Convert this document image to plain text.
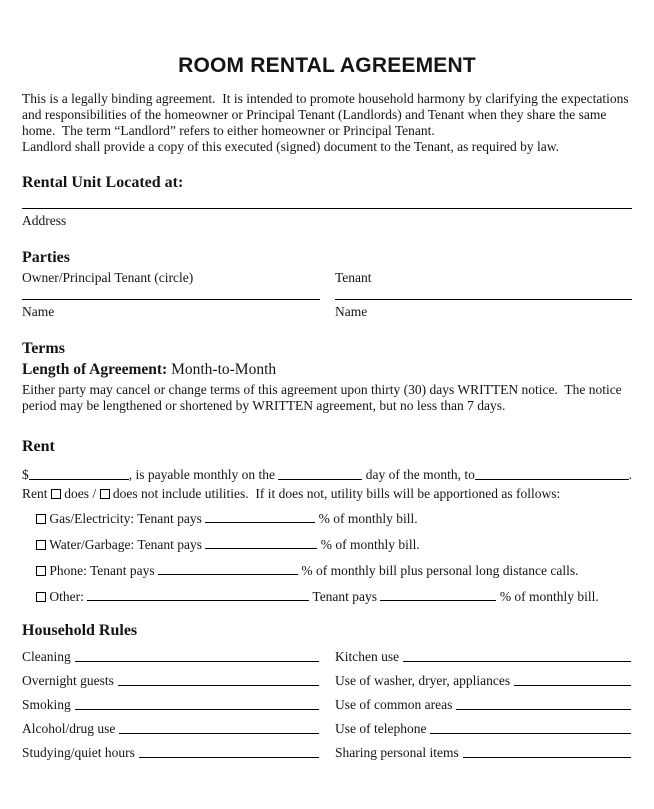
ROOM RENTAL AGREEMENT
This is a legally binding agreement.  It is intended to promote household harmony by clarifying the expectations and responsibilities of the homeowner or Principal Tenant (Landlords) and Tenant when they share the same home.  The term “Landlord” refers to either homeowner or Principal Tenant.
Landlord shall provide a copy of this executed (signed) document to the Tenant, as required by law.
Rental Unit Located at:
Address
Parties
Owner/Principal Tenant (circle)	Tenant
Name	Name
Terms
Length of Agreement: Month-to-Month
Either party may cancel or change terms of this agreement upon thirty (30) days WRITTEN notice.  The notice period may be lengthened or shortened by WRITTEN agreement, but no less than 7 days.
Rent
$	, is payable monthly on the	day of the month, to	.
Rent does / does not include utilities.  If it does not, utility bills will be apportioned as follows:
Gas/Electricity: Tenant pays	% of monthly bill.
Water/Garbage: Tenant pays	% of monthly bill.
Phone: Tenant pays	% of monthly bill plus personal long distance calls.
Other:	Tenant pays	% of monthly bill.
Household Rules
Cleaning	Kitchen use
Overnight guests	Use of washer, dryer, appliances
Smoking	Use of common areas
Alcohol/drug use	Use of telephone
Studying/quiet hours	Sharing personal items
